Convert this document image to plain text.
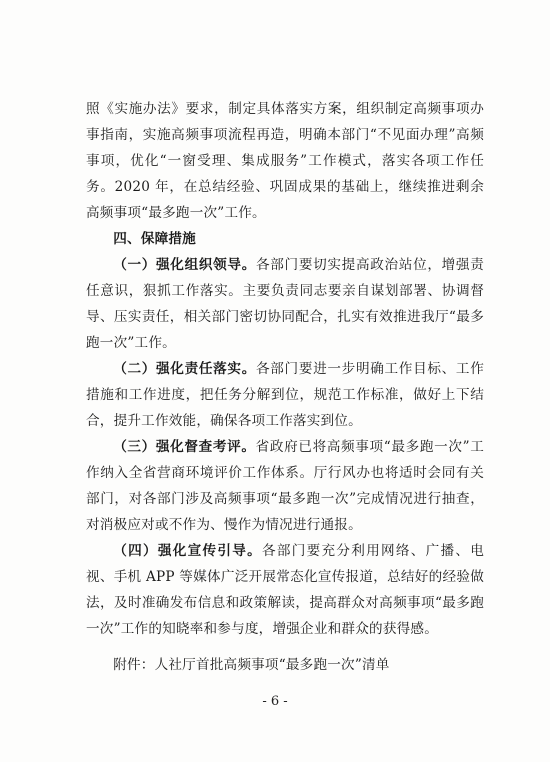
照《实施办法》要求，制定具体落实方案，组织制定高频事项办事指南，实施高频事项流程再造，明确本部门“不见面办理”高频事项，优化“一窗受理、集成服务”工作模式，落实各项工作任务。2020 年，在总结经验、巩固成果的基础上，继续推进剩余高频事项“最多跑一次”工作。

四、保障措施

（一）强化组织领导。各部门要切实提高政治站位，增强责任意识，狠抓工作落实。主要负责同志要亲自谋划部署、协调督导、压实责任，相关部门密切协同配合，扎实有效推进我厅“最多跑一次”工作。

（二）强化责任落实。各部门要进一步明确工作目标、工作措施和工作进度，把任务分解到位，规范工作标准，做好上下结合，提升工作效能，确保各项工作落实到位。

（三）强化督查考评。省政府已将高频事项“最多跑一次”工作纳入全省营商环境评价工作体系。厅行风办也将适时会同有关部门，对各部门涉及高频事项“最多跑一次”完成情况进行抽查，对消极应对或不作为、慢作为情况进行通报。

（四）强化宣传引导。各部门要充分利用网络、广播、电视、手机 APP 等媒体广泛开展常态化宣传报道，总结好的经验做法，及时准确发布信息和政策解读，提高群众对高频事项“最多跑一次”工作的知晓率和参与度，增强企业和群众的获得感。

附件：人社厅首批高频事项“最多跑一次”清单

- 6 -
